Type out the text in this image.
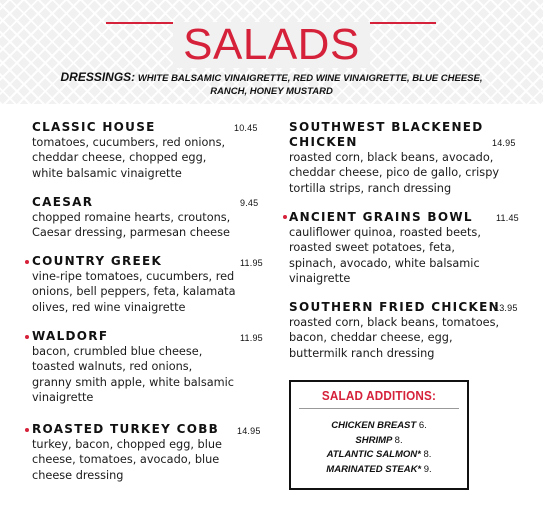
SALADS
DRESSINGS: WHITE BALSAMIC VINAIGRETTE, RED WINE VINAIGRETTE, BLUE CHEESE,
RANCH, HONEY MUSTARD
CLASSIC HOUSE
tomatoes, cucumbers, red onions,
cheddar cheese, chopped egg,
white balsamic vinaigrette
10.45
CAESAR
chopped romaine hearts, croutons,
Caesar dressing, parmesan cheese
9.45
COUNTRY GREEK
vine-ripe tomatoes, cucumbers, red
onions, bell peppers, feta, kalamata
olives, red wine vinaigrette
11.95
WALDORF
bacon, crumbled blue cheese,
toasted walnuts, red onions,
granny smith apple, white balsamic
vinaigrette
11.95
ROASTED TURKEY COBB
turkey, bacon, chopped egg, blue
cheese, tomatoes, avocado, blue
cheese dressing
14.95
SOUTHWEST BLACKENED
CHICKEN
roasted corn, black beans, avocado,
cheddar cheese, pico de gallo, crispy
tortilla strips, ranch dressing
14.95
ANCIENT GRAINS BOWL
cauliflower quinoa, roasted beets,
roasted sweet potatoes, feta,
spinach, avocado, white balsamic
vinaigrette
11.45
SOUTHERN FRIED CHICKEN
roasted corn, black beans, tomatoes,
bacon, cheddar cheese, egg,
buttermilk ranch dressing
13.95
SALAD ADDITIONS:
CHICKEN BREAST 6.
SHRIMP 8.
ATLANTIC SALMON* 8.
MARINATED STEAK* 9.
